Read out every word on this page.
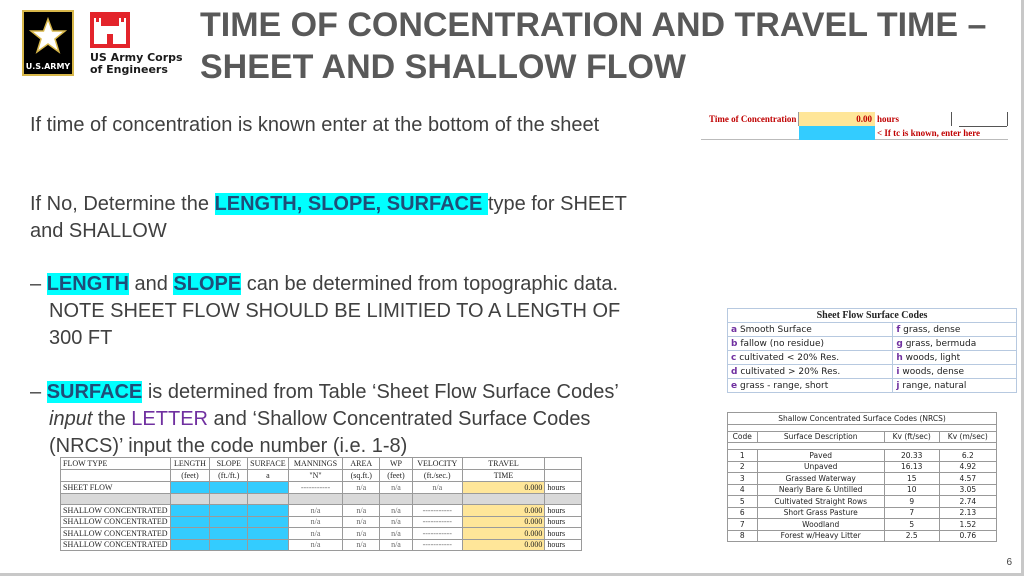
U.S.ARMY
US Army Corps
of Engineers
TIME OF CONCENTRATION AND TRAVEL TIME –
SHEET AND SHALLOW FLOW
If time of concentration is known enter at the bottom of the sheet
If No, Determine the LENGTH, SLOPE, SURFACE type for SHEET
and SHALLOW
– LENGTH and SLOPE can be determined from topographic data.
NOTE SHEET FLOW SHOULD BE LIMITIED TO A LENGTH OF
300 FT
– SURFACE is determined from Table ‘Sheet Flow Surface Codes’
input the LETTER and ‘Shallow Concentrated Surface Codes
(NRCS)’ input the code number (i.e. 1-8)
Time of Concentration	0.00 hours
< If tc is known, enter here
Sheet Flow Surface Codes	
a Smooth Surface	f grass, dense
b fallow (no residue)	g grass, bermuda
c cultivated < 20% Res.	h woods, light
d cultivated > 20% Res.	i woods, dense
e grass - range, short	j range, natural
Shallow Concentrated Surface Codes (NRCS)			

Code	Surface Description	Kv (ft/sec)	Kv (m/sec)

1	Paved	20.33	6.2
2	Unpaved	16.13	4.92
3	Grassed Waterway	15	4.57
4	Nearly Bare & Untilled	10	3.05
5	Cultivated Straight Rows	9	2.74
6	Short Grass Pasture	7	2.13
7	Woodland	5	1.52
8	Forest w/Heavy Litter	2.5	0.76
FLOW TYPE	LENGTH	SLOPE	SURFACE	MANNINGS	AREA	WP	VELOCITY	TRAVEL	
	(feet)	(ft./ft.)	a	"N"	(sq.ft.)	(feet)	(ft./sec.)	TIME	
SHEET FLOW				-----------	n/a	n/a	n/a	0.000	hours

SHALLOW CONCENTRATED				n/a	n/a	n/a	-----------	0.000	hours
SHALLOW CONCENTRATED				n/a	n/a	n/a	-----------	0.000	hours
SHALLOW CONCENTRATED				n/a	n/a	n/a	-----------	0.000	hours
SHALLOW CONCENTRATED				n/a	n/a	n/a	-----------	0.000	hours
6
